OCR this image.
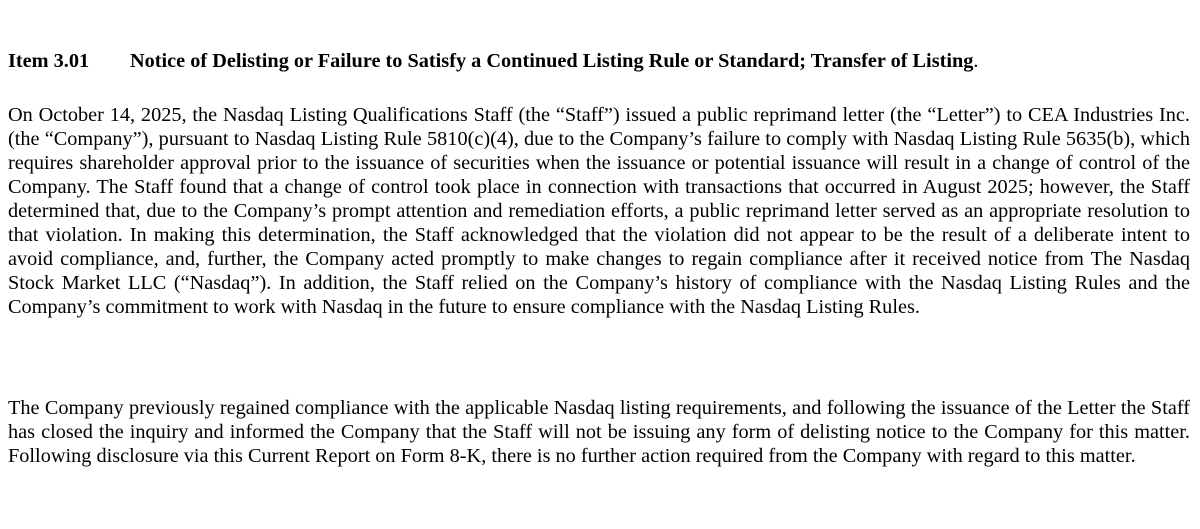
Item 3.01 Notice of Delisting or Failure to Satisfy a Continued Listing Rule or Standard; Transfer of Listing.

On October 14, 2025, the Nasdaq Listing Qualifications Staff (the “Staff”) issued a public reprimand letter (the “Letter”) to CEA Industries Inc. (the “Company”), pursuant to Nasdaq Listing Rule 5810(c)(4), due to the Company’s failure to comply with Nasdaq Listing Rule 5635(b), which requires shareholder approval prior to the issuance of securities when the issuance or potential issuance will result in a change of control of the Company. The Staff found that a change of control took place in connection with transactions that occurred in August 2025; however, the Staff determined that, due to the Company’s prompt attention and remediation efforts, a public reprimand letter served as an appropriate resolution to that violation. In making this determination, the Staff acknowledged that the violation did not appear to be the result of a deliberate intent to avoid compliance, and, further, the Company acted promptly to make changes to regain compliance after it received notice from The Nasdaq Stock Market LLC (“Nasdaq”). In addition, the Staff relied on the Company’s history of compliance with the Nasdaq Listing Rules and the Company’s commitment to work with Nasdaq in the future to ensure compliance with the Nasdaq Listing Rules.

The Company previously regained compliance with the applicable Nasdaq listing requirements, and following the issuance of the Letter the Staff has closed the inquiry and informed the Company that the Staff will not be issuing any form of delisting notice to the Company for this matter. Following disclosure via this Current Report on Form 8-K, there is no further action required from the Company with regard to this matter.
